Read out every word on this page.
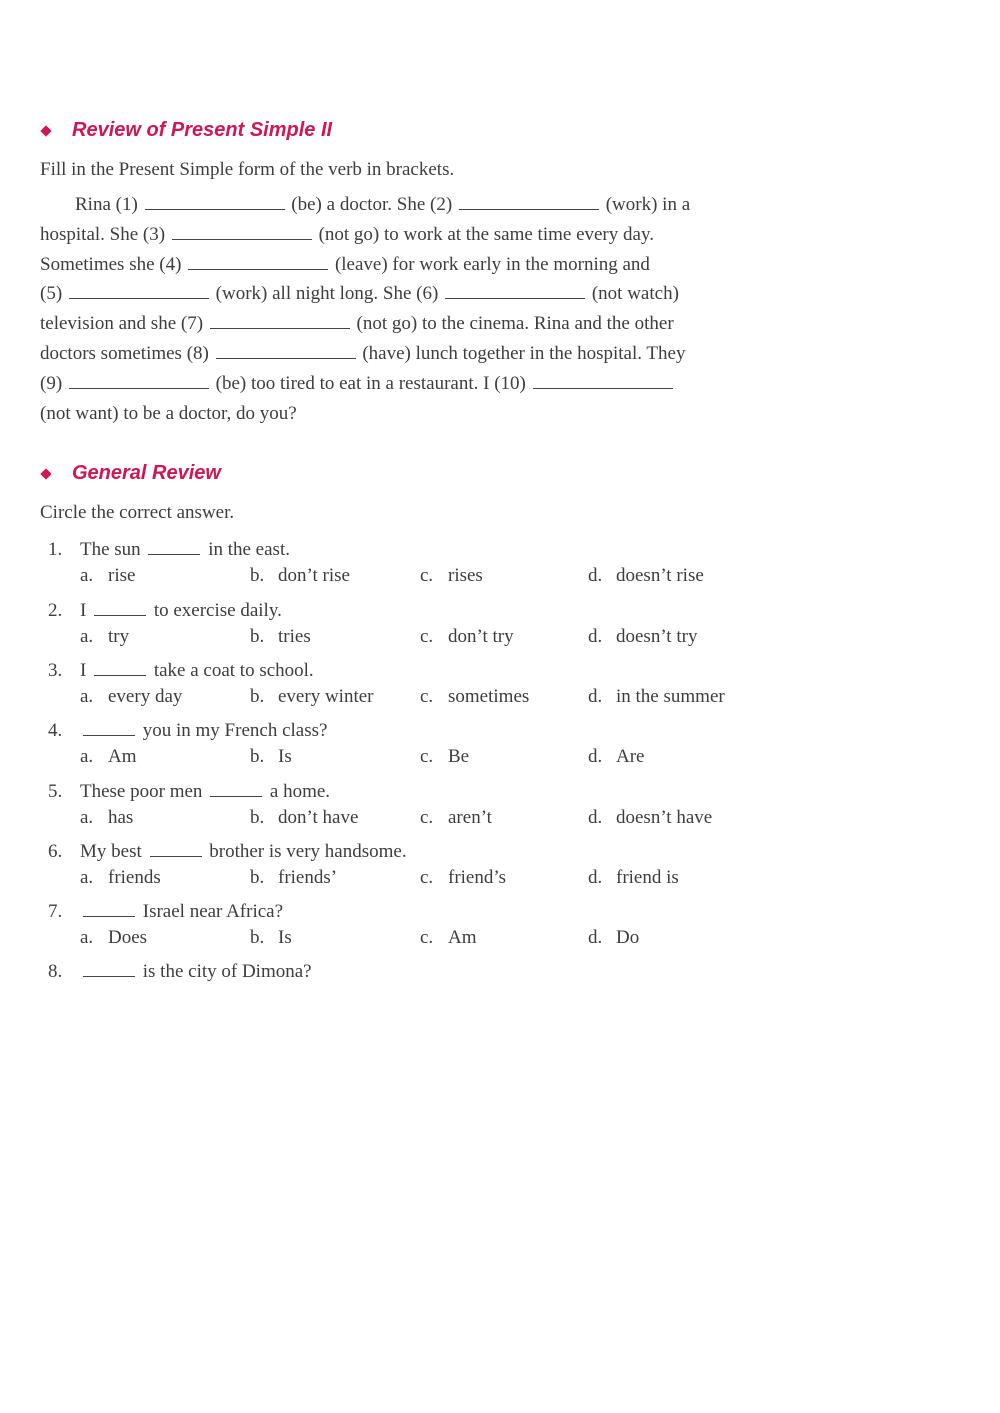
Review of Present Simple II
Fill in the Present Simple form of the verb in brackets.
Rina (1)	(be) a doctor. She (2)	(work) in a
hospital. She (3)	(not go) to work at the same time every day.
Sometimes she (4)	(leave) for work early in the morning and
(5)	(work) all night long. She (6)	(not watch)
television and she (7)	(not go) to the cinema. Rina and the other
doctors sometimes (8)	(have) lunch together in the hospital. They
(9)	(be) too tired to eat in a restaurant. I (10)
(not want) to be a doctor, do you?
General Review
Circle the correct answer.
1. The sun	in the east.
a. rise	b. don’t rise	c. rises	d. doesn’t rise
2. I	to exercise daily.
a. try	b. tries	c. don’t try	d. doesn’t try
3. I	take a coat to school.
a. every day	b. every winter c. sometimes	d. in the summer
4.	you in my French class?
a. Am	b. Is	c. Be	d. Are
5. These poor men	a home.
a. has	b. don’t have	c. aren’t	d. doesn’t have
6. My best	brother is very handsome.
a. friends	b. friends’	c. friend’s	d. friend is
7.	Israel near Africa?
a. Does	b. Is	c. Am	d. Do
8.	is the city of Dimona?
